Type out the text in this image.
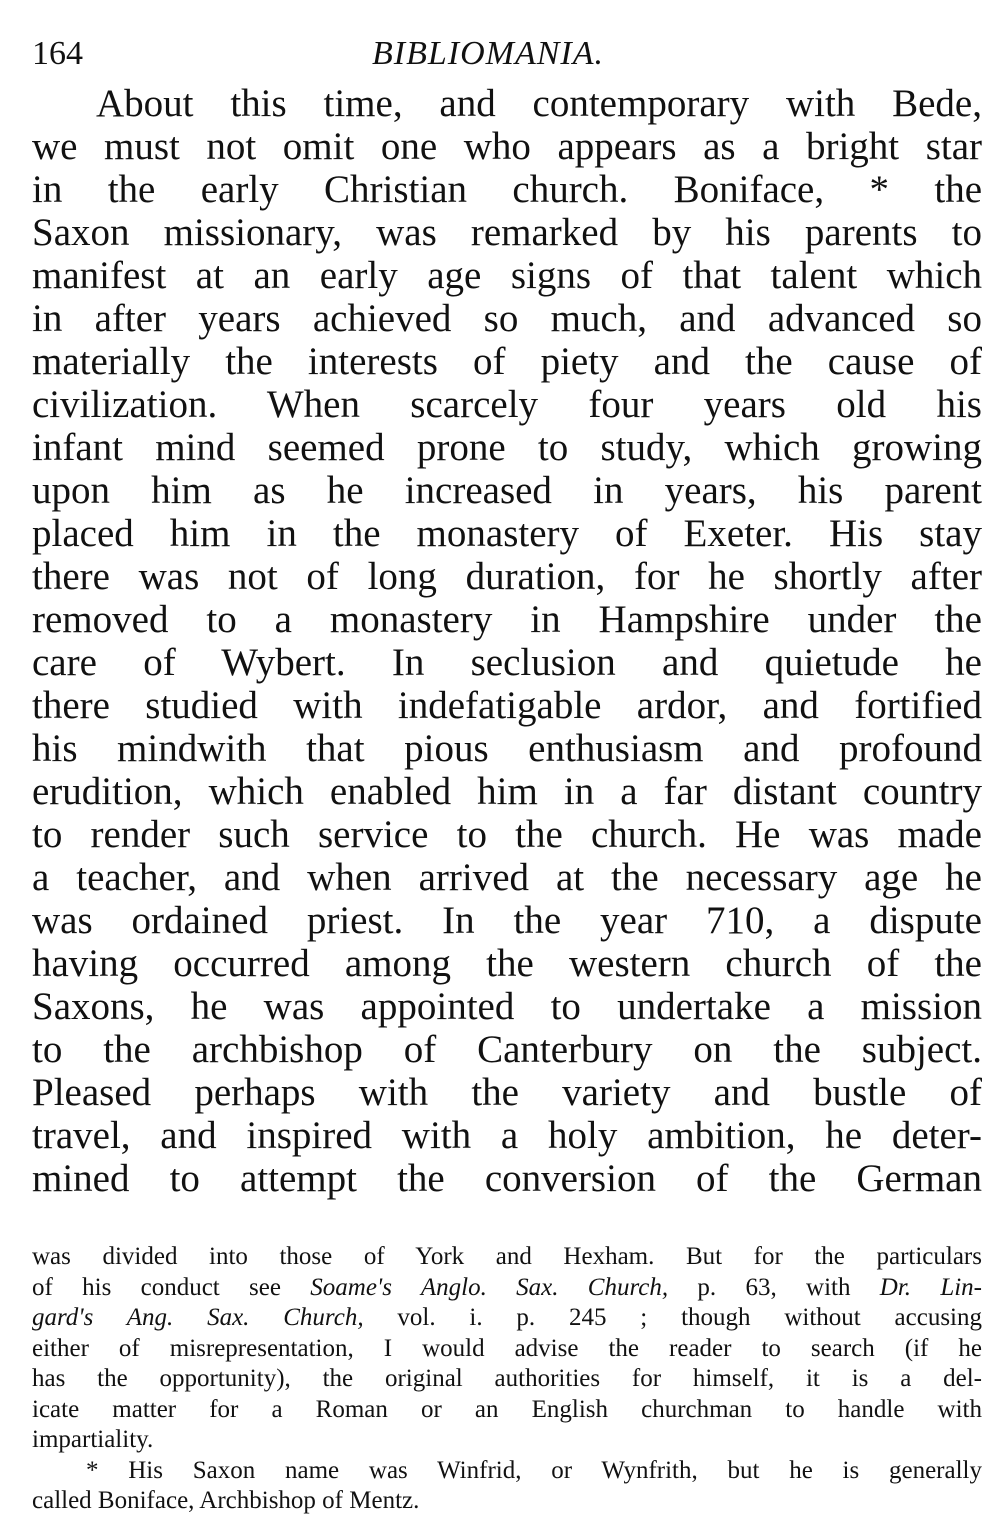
164	BIBLIOMANIA.
About this time, and contemporary with Bede,
we must not omit one who appears as a bright star
in the early Christian church. Boniface, * the
Saxon missionary, was remarked by his parents to
manifest at an early age signs of that talent which
in after years achieved so much, and advanced so
materially the interests of piety and the cause of
civilization. When scarcely four years old his
infant mind seemed prone to study, which growing
upon him as he increased in years, his parent
placed him in the monastery of Exeter. His stay
there was not of long duration, for he shortly after
removed to a monastery in Hampshire under the
care of Wybert. In seclusion and quietude he
there studied with indefatigable ardor, and fortified
his mindwith that pious enthusiasm and profound
erudition, which enabled him in a far distant country
to render such service to the church. He was made
a teacher, and when arrived at the necessary age he
was ordained priest. In the year 710, a dispute
having occurred among the western church of the
Saxons, he was appointed to undertake a mission
to the archbishop of Canterbury on the subject.
Pleased perhaps with the variety and bustle of
travel, and inspired with a holy ambition, he deter-
mined to attempt the conversion of the German
was divided into those of York and Hexham. But for the particulars
of his conduct see Soame's Anglo. Sax. Church, p. 63, with Dr. Lin-
gard's Ang. Sax. Church, vol. i. p. 245 ; though without accusing
either of misrepresentation, I would advise the reader to search (if he
has the opportunity), the original authorities for himself, it is a del-
icate matter for a Roman or an English churchman to handle with
impartiality.
* His Saxon name was Winfrid, or Wynfrith, but he is generally
called Boniface, Archbishop of Mentz.
